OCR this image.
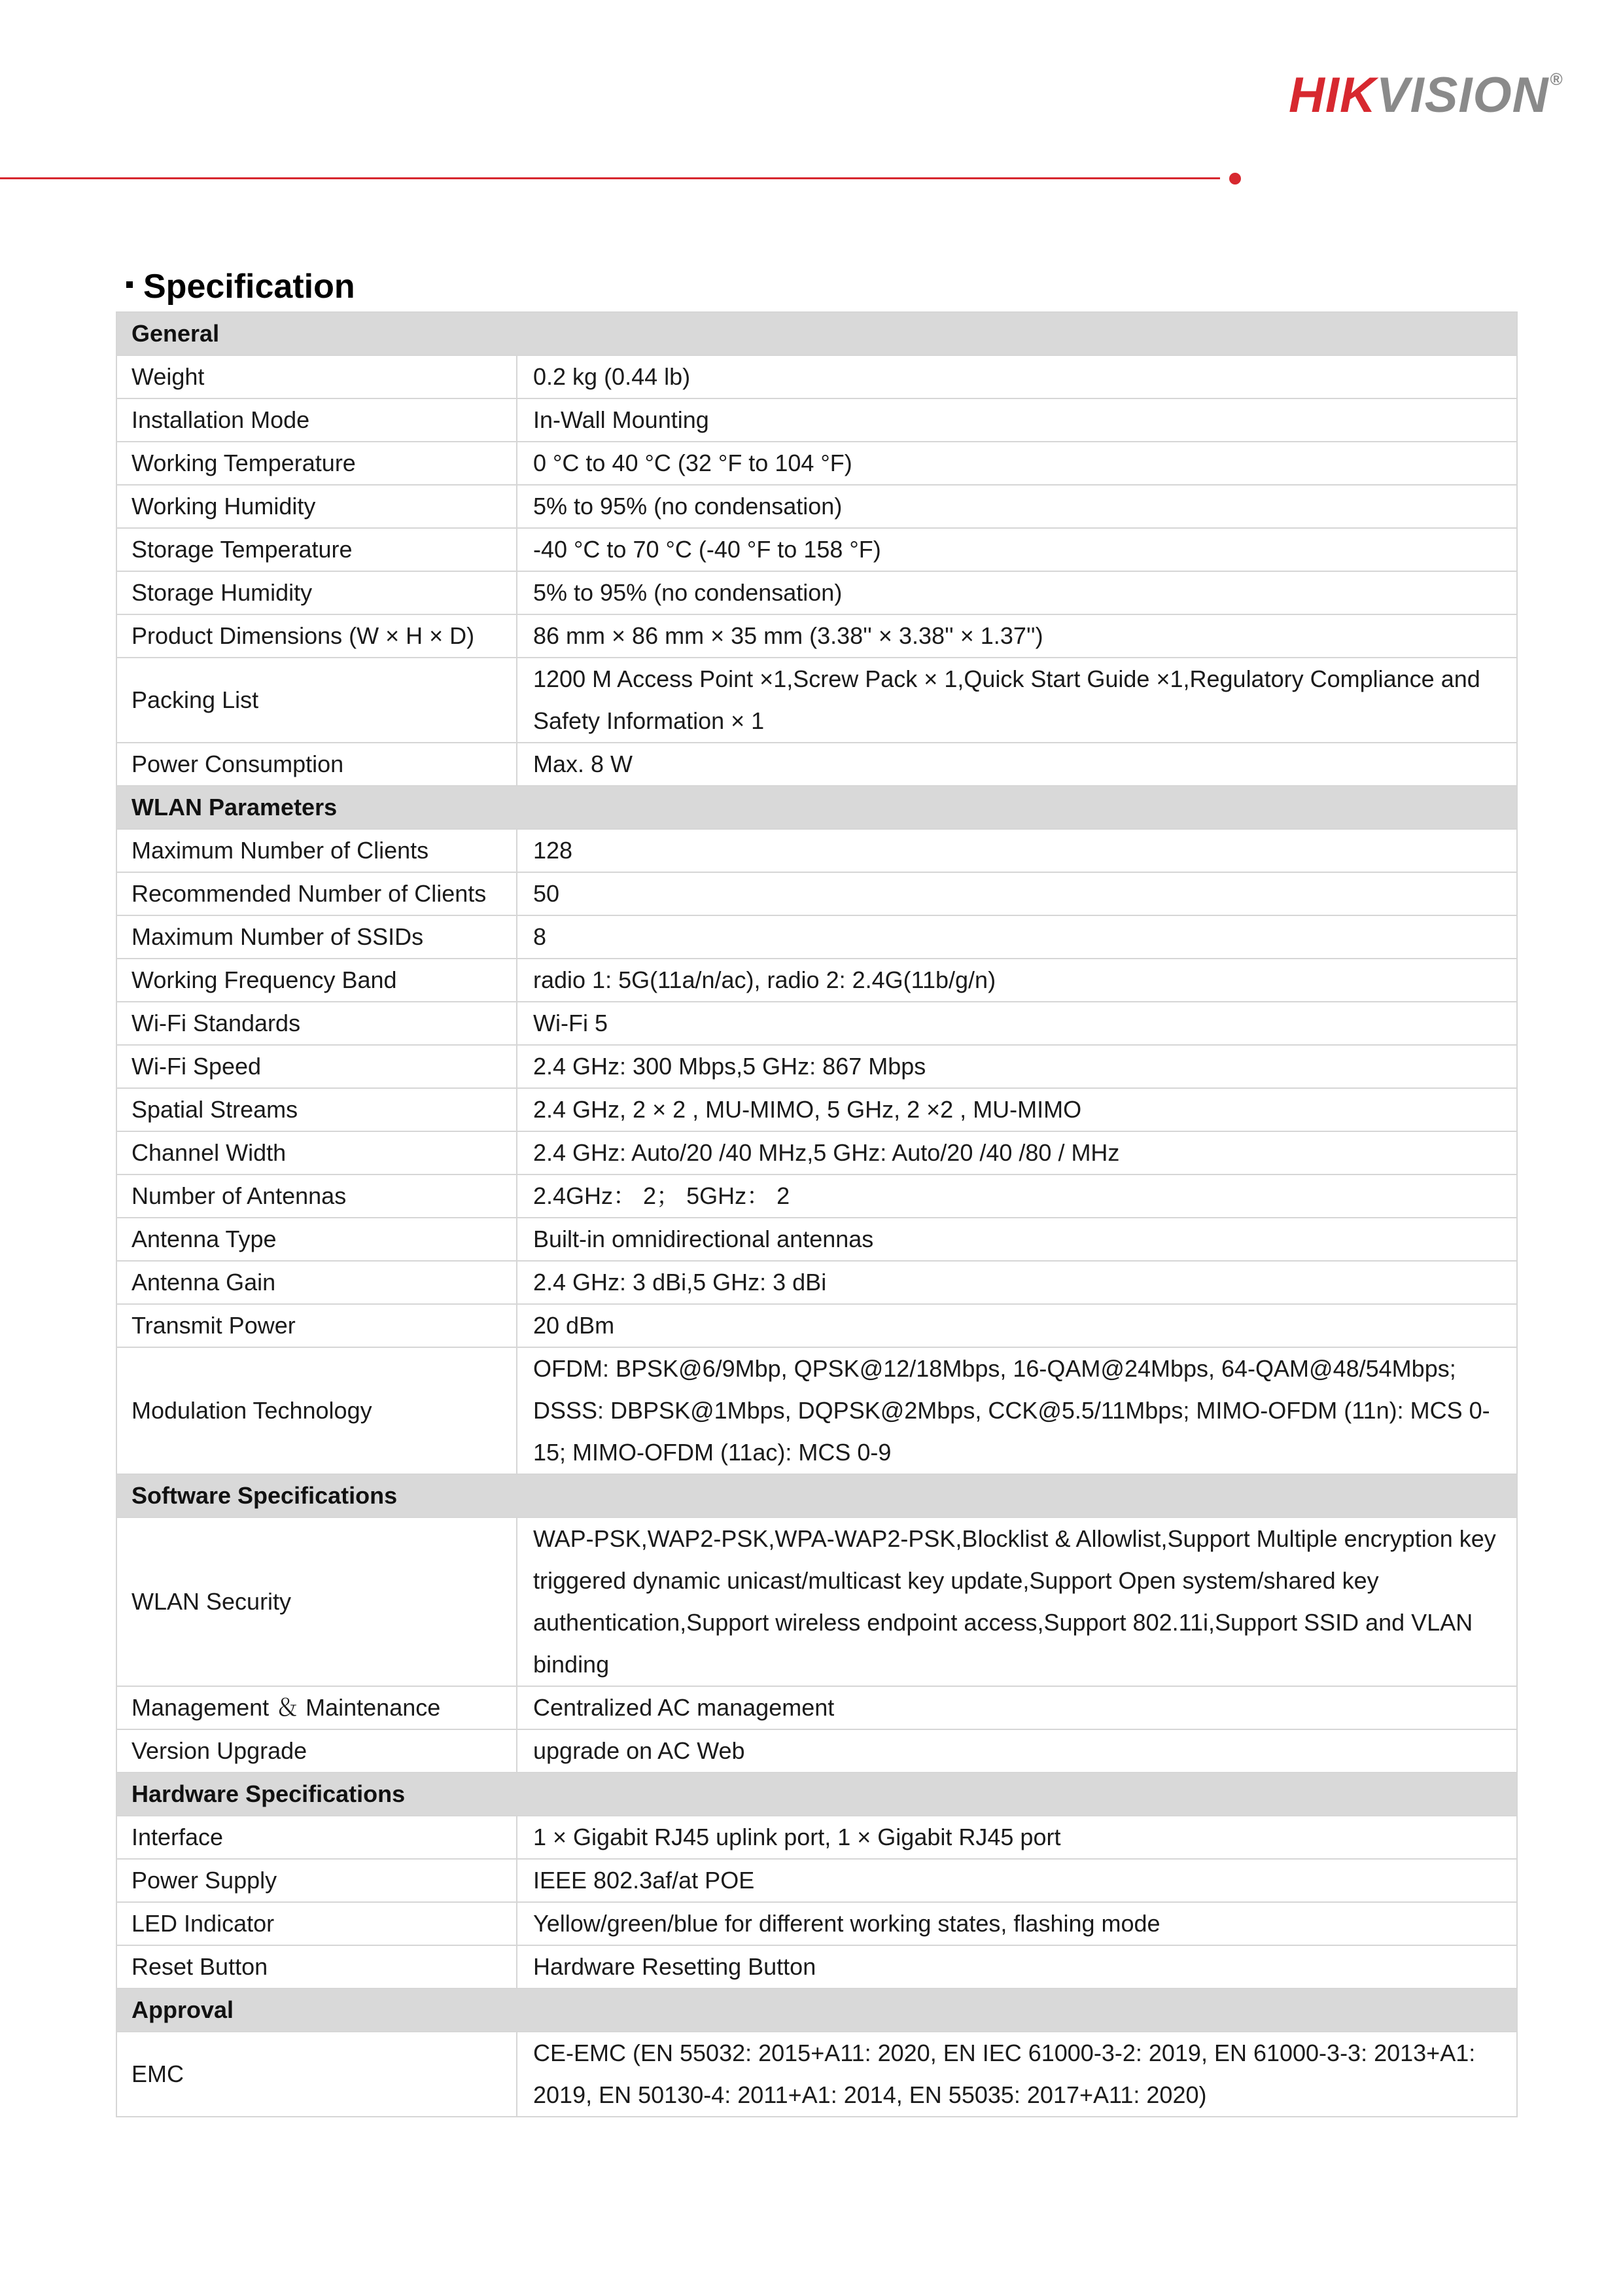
HIKVISION®
Specification
General	
Weight	0.2 kg (0.44 lb)
Installation Mode	In-Wall Mounting
Working Temperature	0 °C to 40 °C (32 °F to 104 °F)
Working Humidity	5% to 95% (no condensation)
Storage Temperature	-40 °C to 70 °C (-40 °F to 158 °F)
Storage Humidity	5% to 95% (no condensation)
Product Dimensions (W × H × D)	86 mm × 86 mm × 35 mm (3.38'' × 3.38'' × 1.37'')
Packing List	1200 M Access Point ×1,Screw Pack × 1,Quick Start Guide ×1,Regulatory Compliance and Safety Information × 1
Power Consumption	Max. 8 W
WLAN Parameters	
Maximum Number of Clients	128
Recommended Number of Clients	50
Maximum Number of SSIDs	8
Working Frequency Band	radio 1: 5G(11a/n/ac), radio 2: 2.4G(11b/g/n)
Wi-Fi Standards	Wi-Fi 5
Wi-Fi Speed	2.4 GHz: 300 Mbps,5 GHz: 867 Mbps
Spatial Streams	2.4 GHz, 2 × 2 , MU-MIMO, 5 GHz, 2 ×2 , MU-MIMO
Channel Width	2.4 GHz: Auto/20 /40 MHz,5 GHz: Auto/20 /40 /80 / MHz
Number of Antennas	2.4GHz： 2； 5GHz： 2
Antenna Type	Built-in omnidirectional antennas
Antenna Gain	2.4 GHz: 3 dBi,5 GHz: 3 dBi
Transmit Power	20 dBm
Modulation Technology	OFDM: BPSK@6/9Mbp, QPSK@12/18Mbps, 16-QAM@24Mbps, 64-QAM@48/54Mbps; DSSS: DBPSK@1Mbps, DQPSK@2Mbps, CCK@5.5/11Mbps; MIMO-OFDM (11n): MCS 0-15; MIMO-OFDM (11ac): MCS 0-9
Software Specifications	
WLAN Security	WAP-PSK,WAP2-PSK,WPA-WAP2-PSK,Blocklist & Allowlist,Support Multiple encryption key triggered dynamic unicast/multicast key update,Support Open system/shared key authentication,Support wireless endpoint access,Support 802.11i,Support SSID and VLAN binding
Management ＆ Maintenance	Centralized AC management
Version Upgrade	upgrade on AC Web
Hardware Specifications	
Interface	1 × Gigabit RJ45 uplink port, 1 × Gigabit RJ45 port
Power Supply	IEEE 802.3af/at POE
LED Indicator	Yellow/green/blue for different working states, flashing mode
Reset Button	Hardware Resetting Button
Approval	
EMC	CE-EMC (EN 55032: 2015+A11: 2020, EN IEC 61000-3-2: 2019, EN 61000-3-3: 2013+A1: 2019, EN 50130-4: 2011+A1: 2014, EN 55035: 2017+A11: 2020)
